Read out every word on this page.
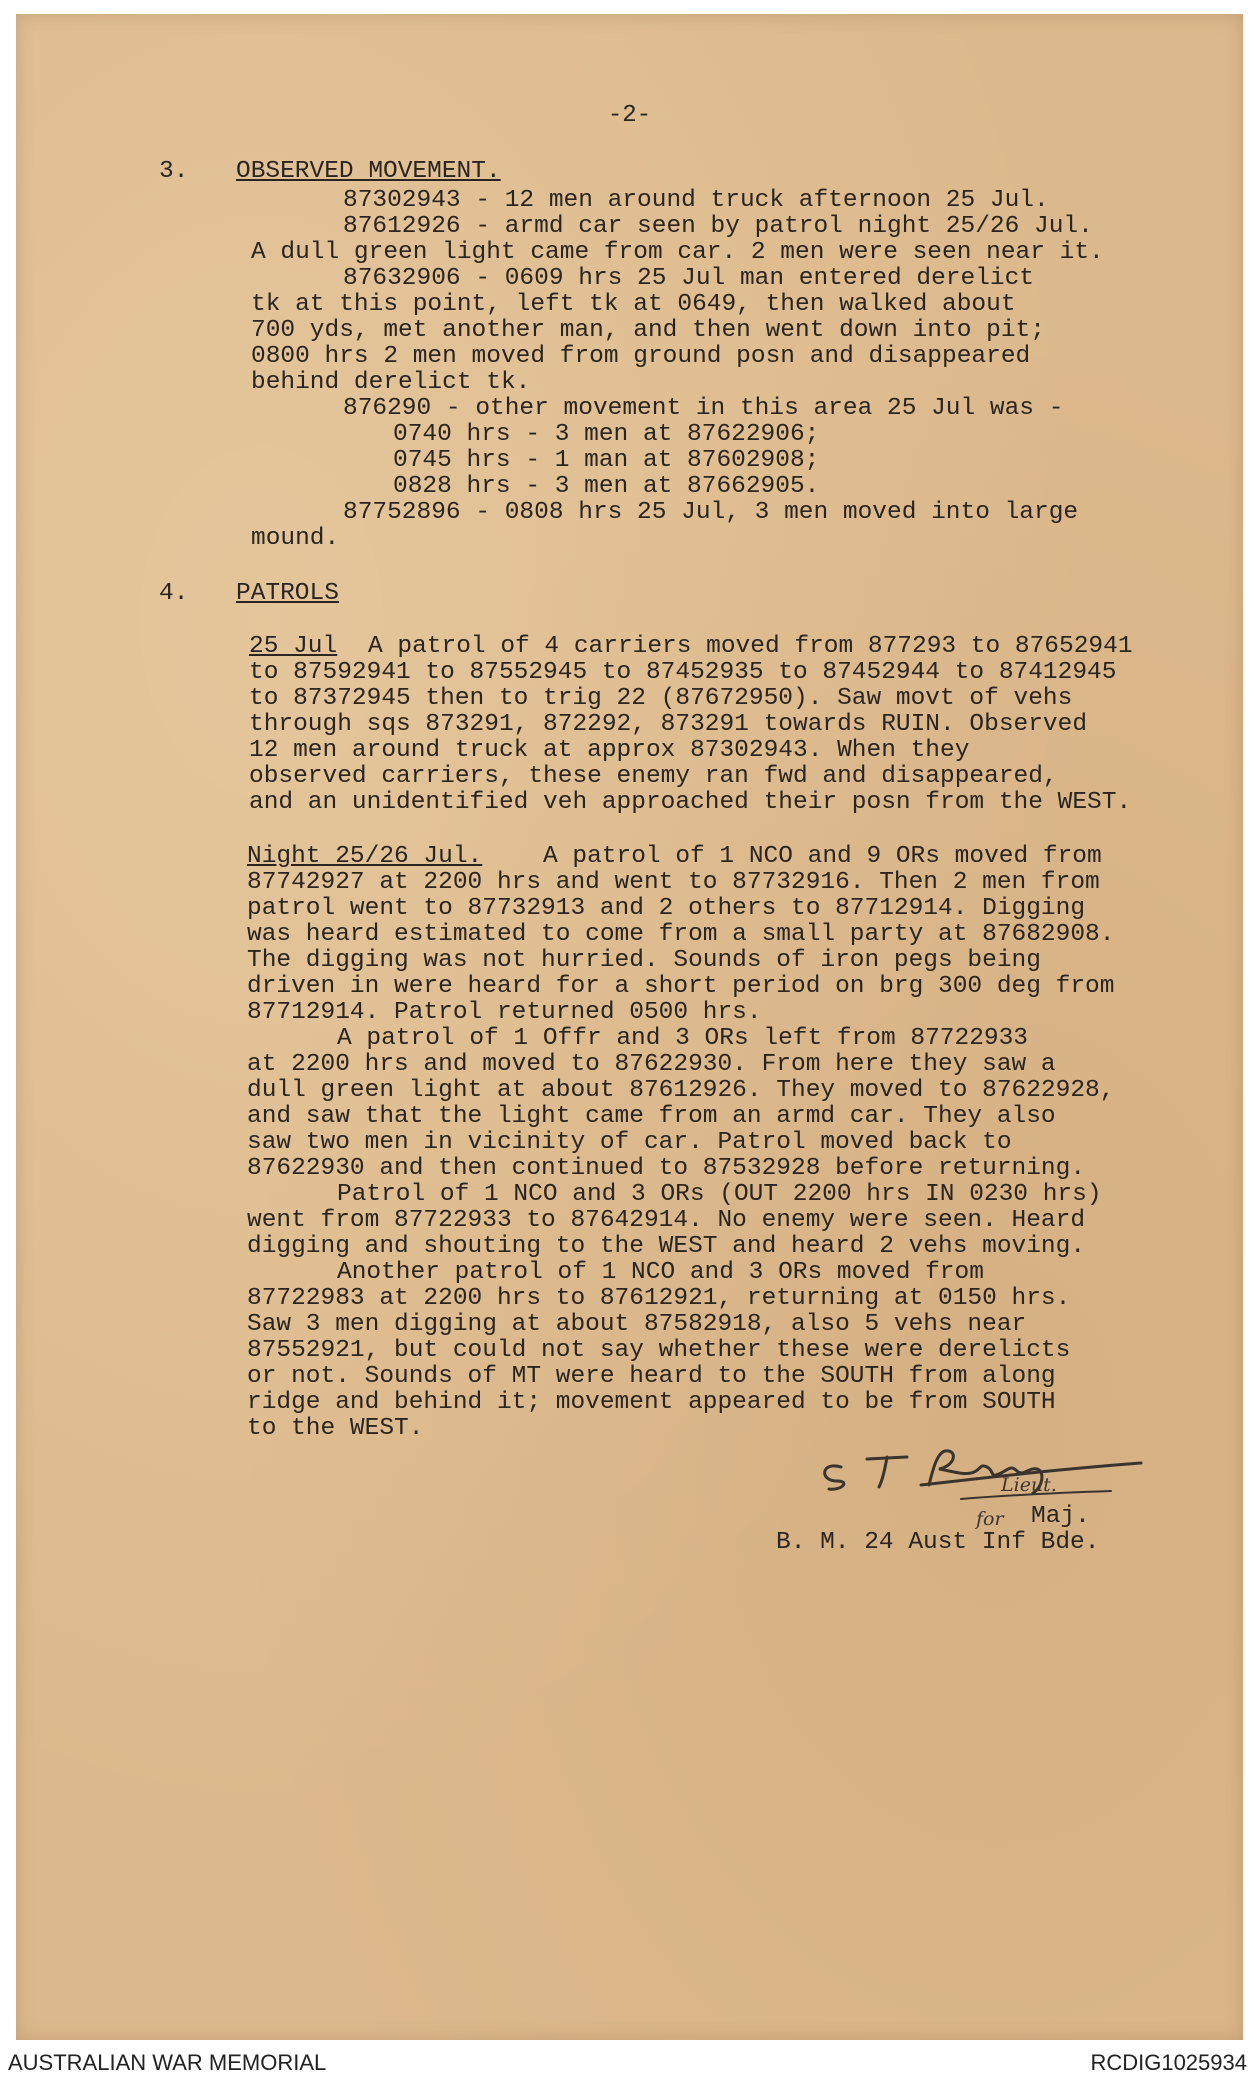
-2-
3. OBSERVED MOVEMENT.
87302943 - 12 men around truck afternoon 25 Jul.
87612926 - armd car seen by patrol night 25/26 Jul.
A dull green light came from car. 2 men were seen near it.
87632906 - 0609 hrs 25 Jul man entered derelict
tk at this point, left tk at 0649, then walked about
700 yds, met another man, and then went down into pit;
0800 hrs 2 men moved from ground posn and disappeared
behind derelict tk.
876290 - other movement in this area 25 Jul was -
0740 hrs - 3 men at 87622906;
0745 hrs - 1 man at 87602908;
0828 hrs - 3 men at 87662905.
87752896 - 0808 hrs 25 Jul, 3 men moved into large
mound.
4. PATROLS
25 Jul A patrol of 4 carriers moved from 877293 to 87652941
to 87592941 to 87552945 to 87452935 to 87452944 to 87412945
to 87372945 then to trig 22 (87672950). Saw movt of vehs
through sqs 873291, 872292, 873291 towards RUIN. Observed
12 men around truck at approx 87302943. When they
observed carriers, these enemy ran fwd and disappeared,
and an unidentified veh approached their posn from the WEST.
Night 25/26 Jul. A patrol of 1 NCO and 9 ORs moved from
87742927 at 2200 hrs and went to 87732916. Then 2 men from
patrol went to 87732913 and 2 others to 87712914. Digging
was heard estimated to come from a small party at 87682908.
The digging was not hurried. Sounds of iron pegs being
driven in were heard for a short period on brg 300 deg from
87712914. Patrol returned 0500 hrs.
A patrol of 1 Offr and 3 ORs left from 87722933
at 2200 hrs and moved to 87622930. From here they saw a
dull green light at about 87612926. They moved to 87622928,
and saw that the light came from an armd car. They also
saw two men in vicinity of car. Patrol moved back to
87622930 and then continued to 87532928 before returning.
Patrol of 1 NCO and 3 ORs (OUT 2200 hrs IN 0230 hrs)
went from 87722933 to 87642914. No enemy were seen. Heard
digging and shouting to the WEST and heard 2 vehs moving.
Another patrol of 1 NCO and 3 ORs moved from
87722983 at 2200 hrs to 87612921, returning at 0150 hrs.
Saw 3 men digging at about 87582918, also 5 vehs near
87552921, but could not say whether these were derelicts
or not. Sounds of MT were heard to the SOUTH from along
ridge and behind it; movement appeared to be from SOUTH
to the WEST.
Lieut.
for Maj.
B. M. 24 Aust Inf Bde.
AUSTRALIAN WAR MEMORIAL	RCDIG1025934
